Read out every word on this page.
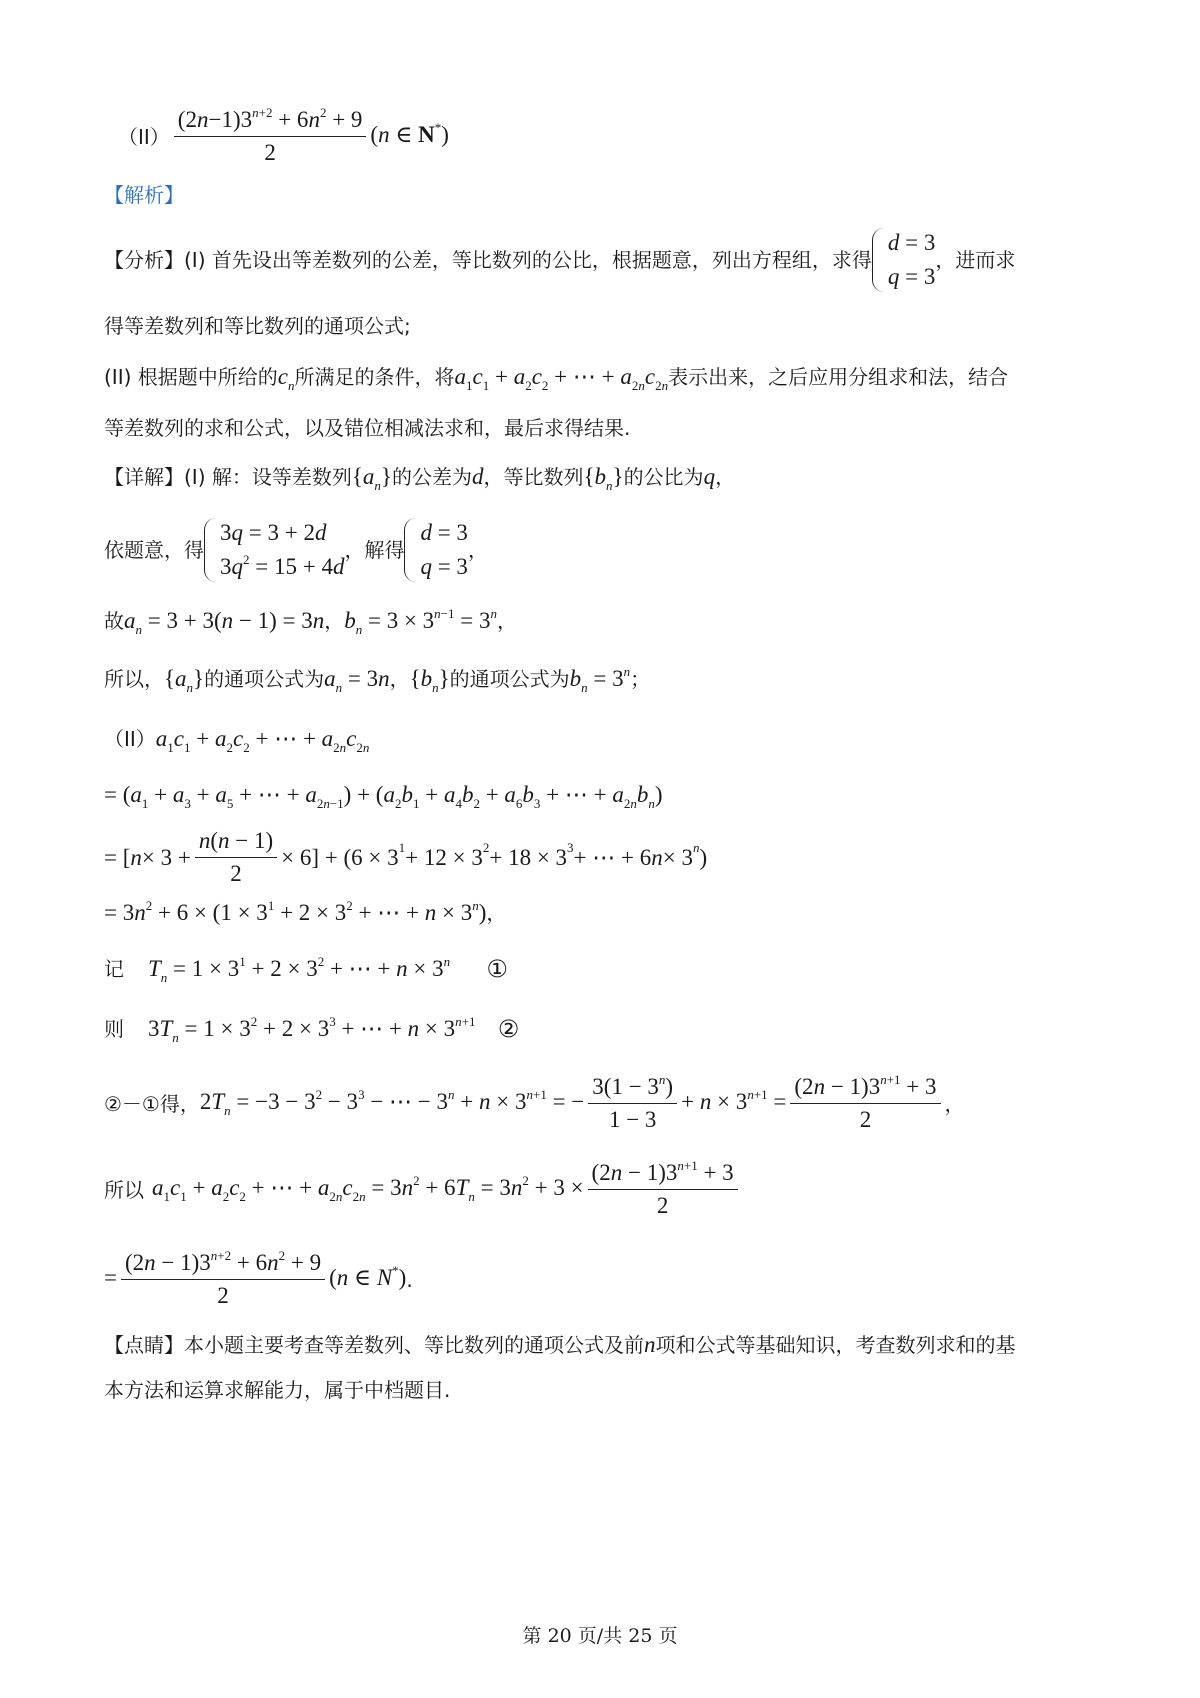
$(II) \frac{(2n-1)3^{n+2} + 6n^2 + 9}{2} (n$ ∈ N*)
【解析】
【分析】 (I) 首先设出等差数列的公差，等比数列的公比，根据题意，列出方程组，求得
d = 3
q = 3
，进而求
得等差数列和等比数列的通项公式;
(II) 根据题中所给的 $c_n$ 所满足的条件，将 $a_1c_1 + a_2c_2$ + ⋯ + $a_{2n}c_{2n}$ 表示出来，之后应用分组求和法，结合
等差数列的求和公式，以及错位相减法求和，最后求得结果.
【详解】 (I) 解：设等差数列 $\{a_n\}$ 的公差为 d ，等比数列 $\{b_n\}$ 的公比为 q ，
依题意，得
3q = 3 + 2d
$3q^2 = 15 + 4d$
，解得
d = 3
q = 3
，
故 $a_n = 3 + 3(n - 1) = 3n$ ， $b_n = 3 \times 3^{n-1} = 3^n$ ，
所以， $\{a_n\}$ 的通项公式为 $a_n = 3n$ ， $\{b_n\}$ 的通项公式为 $b_n = 3^n$ ；
（II） $a_1c_1 + a_2c_2$ + ⋯ + $a_{2n}c_{2n}$
= ($a_1 + a_3 + a_5$ + ⋯ + $a_{2n-1}) + (a_2b_1 + a_4b_2 + a_6b_3$ + ⋯ + $a_{2n}b_n$)
= [ $n \times 3 + \frac{n(n - 1)}{2} \times 6] + (6 \times 3^1 + 12 \times 3^2 + 18 \times 3^3$ + ⋯ + 6 n × 3 $^n$ )
= $3n^2 + 6 \times (1 \times 3^1 + 2 \times 3^2$ + ⋯ + $n \times 3^n$) ，
记 $T_n = 1 \times 3^1 + 2 \times 3^2$ + ⋯ + $n \times 3^n$ ①
则 $3T_n = 1 \times 3^2 + 2 \times 3^3$ + ⋯ + $n \times 3^{n+1}$ ②
②－①得， $2T_n = -3 - 3^2 - 3^3$ − ⋯ − $3^n + n \times 3^{n+1}$ = − $\frac{3(1 - 3^n)}{1 - 3} + n \times 3^{n+1} = \frac{(2n - 1)3^{n+1} + 3}{2}$ ，
所以 $a_1c_1 + a_2c_2$ + ⋯ + $a_{2n}c_{2n} = 3n^2 + 6T_n = 3n^2 + 3 \times \frac{(2n - 1)3^{n+1} + 3}{2}$
= $\frac{(2n - 1)3^{n+2} + 6n^2 + 9}{2} (n$ ∈ N*) .
【点睛】 本小题主要考查等差数列、等比数列的通项公式及前 n 项和公式等基础知识，考查数列求和的基
本方法和运算求解能力，属于中档题目.
第 20 页/共 25 页
